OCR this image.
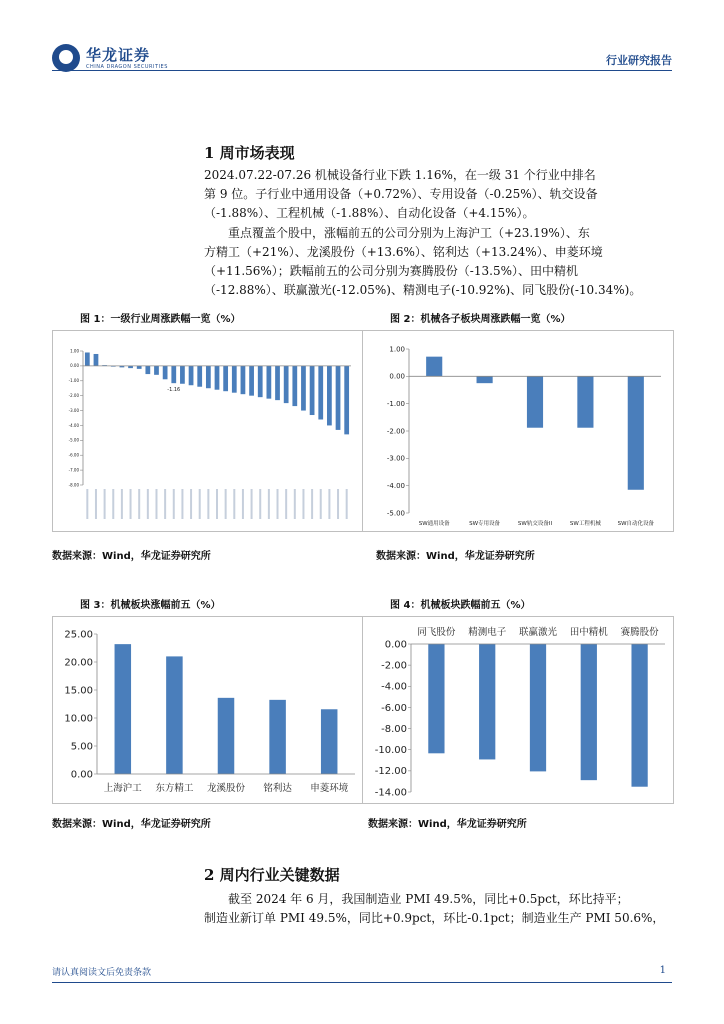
华龙证券
CHINA DRAGON SECURITIES	行业研究报告
1 周市场表现
2024.07.22-07.26 机械设备行业下跌 1.16%，在一级 31 个行业中排名
第 9 位。子行业中通用设备（+0.72%）、专用设备（-0.25%）、轨交设备
（-1.88%）、工程机械（-1.88%）、自动化设备（+4.15%）。
重点覆盖个股中，涨幅前五的公司分别为上海沪工（+23.19%）、东
方精工（+21%）、龙溪股份（+13.6%）、铭利达（+13.24%）、申菱环境
（+11.56%）；跌幅前五的公司分别为赛腾股份（-13.5%）、田中精机
（-12.88%）、联赢激光(-12.05%)、精测电子(-10.92%)、同飞股份(-10.34%)。
图 1：一级行业周涨跌幅一览（%）	图 2：机械各子板块周涨跌幅一览（%）
1.00
0.00
-1.00
-2.00
-3.00
-4.00
-5.00
-6.00
-7.00
-8.00
-1.16
1.00
0.00
-1.00
-2.00
-3.00
-4.00
-5.00
SW通用设备	SW专用设备	SW轨交设备II	SW工程机械	SW自动化设备
数据来源：Wind，华龙证券研究所	数据来源：Wind，华龙证券研究所
图 3：机械板块涨幅前五（%）	图 4：机械板块跌幅前五（%）
25.00
20.00
15.00
10.00
5.00
0.00
上海沪工 东方精工 龙溪股份 铭利达 申菱环境
0.00
-2.00
-4.00
-6.00
-8.00
-10.00
-12.00
-14.00
同飞股份 精测电子 联赢激光 田中精机 赛腾股份
数据来源：Wind，华龙证券研究所	数据来源：Wind，华龙证券研究所
2 周内行业关键数据
截至 2024 年 6 月，我国制造业 PMI 49.5%，同比+0.5pct，环比持平；
制造业新订单 PMI 49.5%，同比+0.9pct，环比-0.1pct；制造业生产 PMI 50.6%，
请认真阅读文后免责条款	1
